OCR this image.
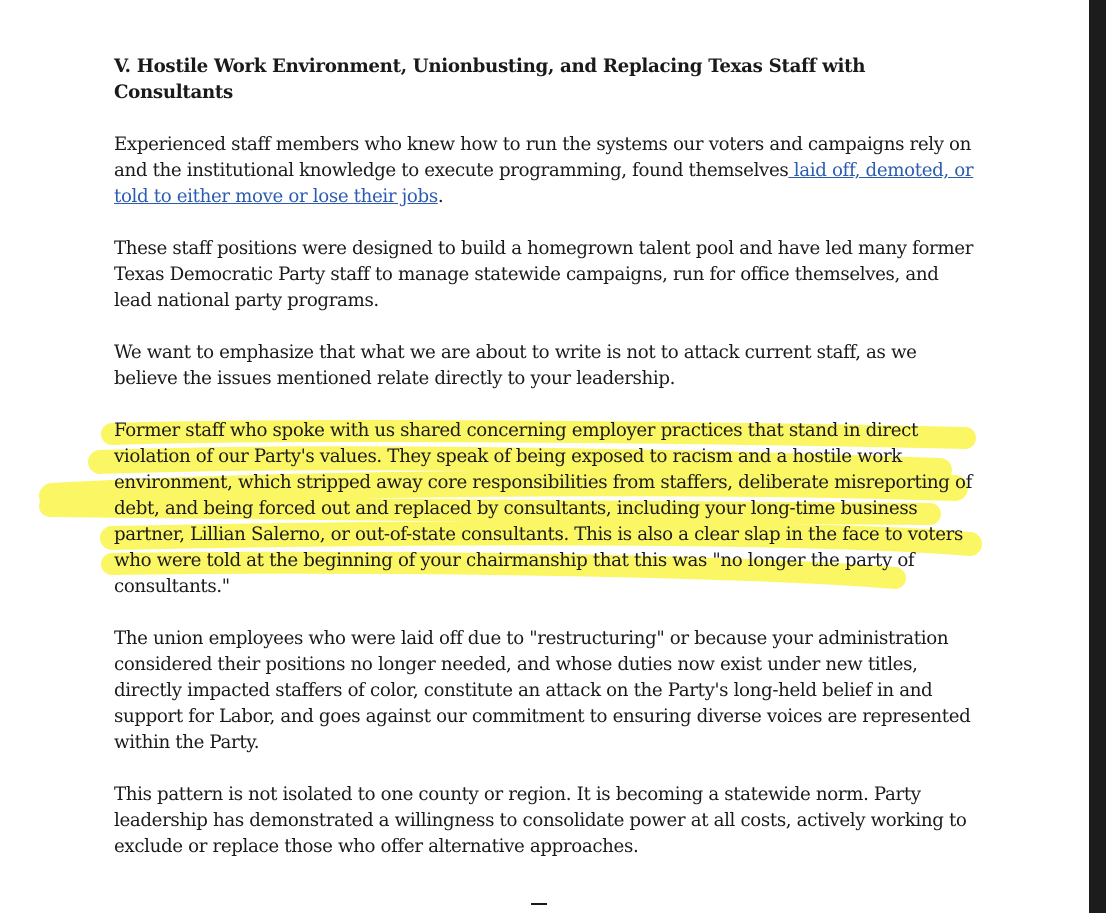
V. Hostile Work Environment, Unionbusting, and Replacing Texas Staff with Consultants

Experienced staff members who knew how to run the systems our voters and campaigns rely on and the institutional knowledge to execute programming, found themselves laid off, demoted, or told to either move or lose their jobs.

These staff positions were designed to build a homegrown talent pool and have led many former Texas Democratic Party staff to manage statewide campaigns, run for office themselves, and lead national party programs.

We want to emphasize that what we are about to write is not to attack current staff, as we believe the issues mentioned relate directly to your leadership.

Former staff who spoke with us shared concerning employer practices that stand in direct violation of our Party's values. They speak of being exposed to racism and a hostile work environment, which stripped away core responsibilities from staffers, deliberate misreporting of debt, and being forced out and replaced by consultants, including your long-time business partner, Lillian Salerno, or out-of-state consultants. This is also a clear slap in the face to voters who were told at the beginning of your chairmanship that this was "no longer the party of consultants."

The union employees who were laid off due to "restructuring" or because your administration considered their positions no longer needed, and whose duties now exist under new titles, directly impacted staffers of color, constitute an attack on the Party's long-held belief in and support for Labor, and goes against our commitment to ensuring diverse voices are represented within the Party.

This pattern is not isolated to one county or region. It is becoming a statewide norm. Party leadership has demonstrated a willingness to consolidate power at all costs, actively working to exclude or replace those who offer alternative approaches.
